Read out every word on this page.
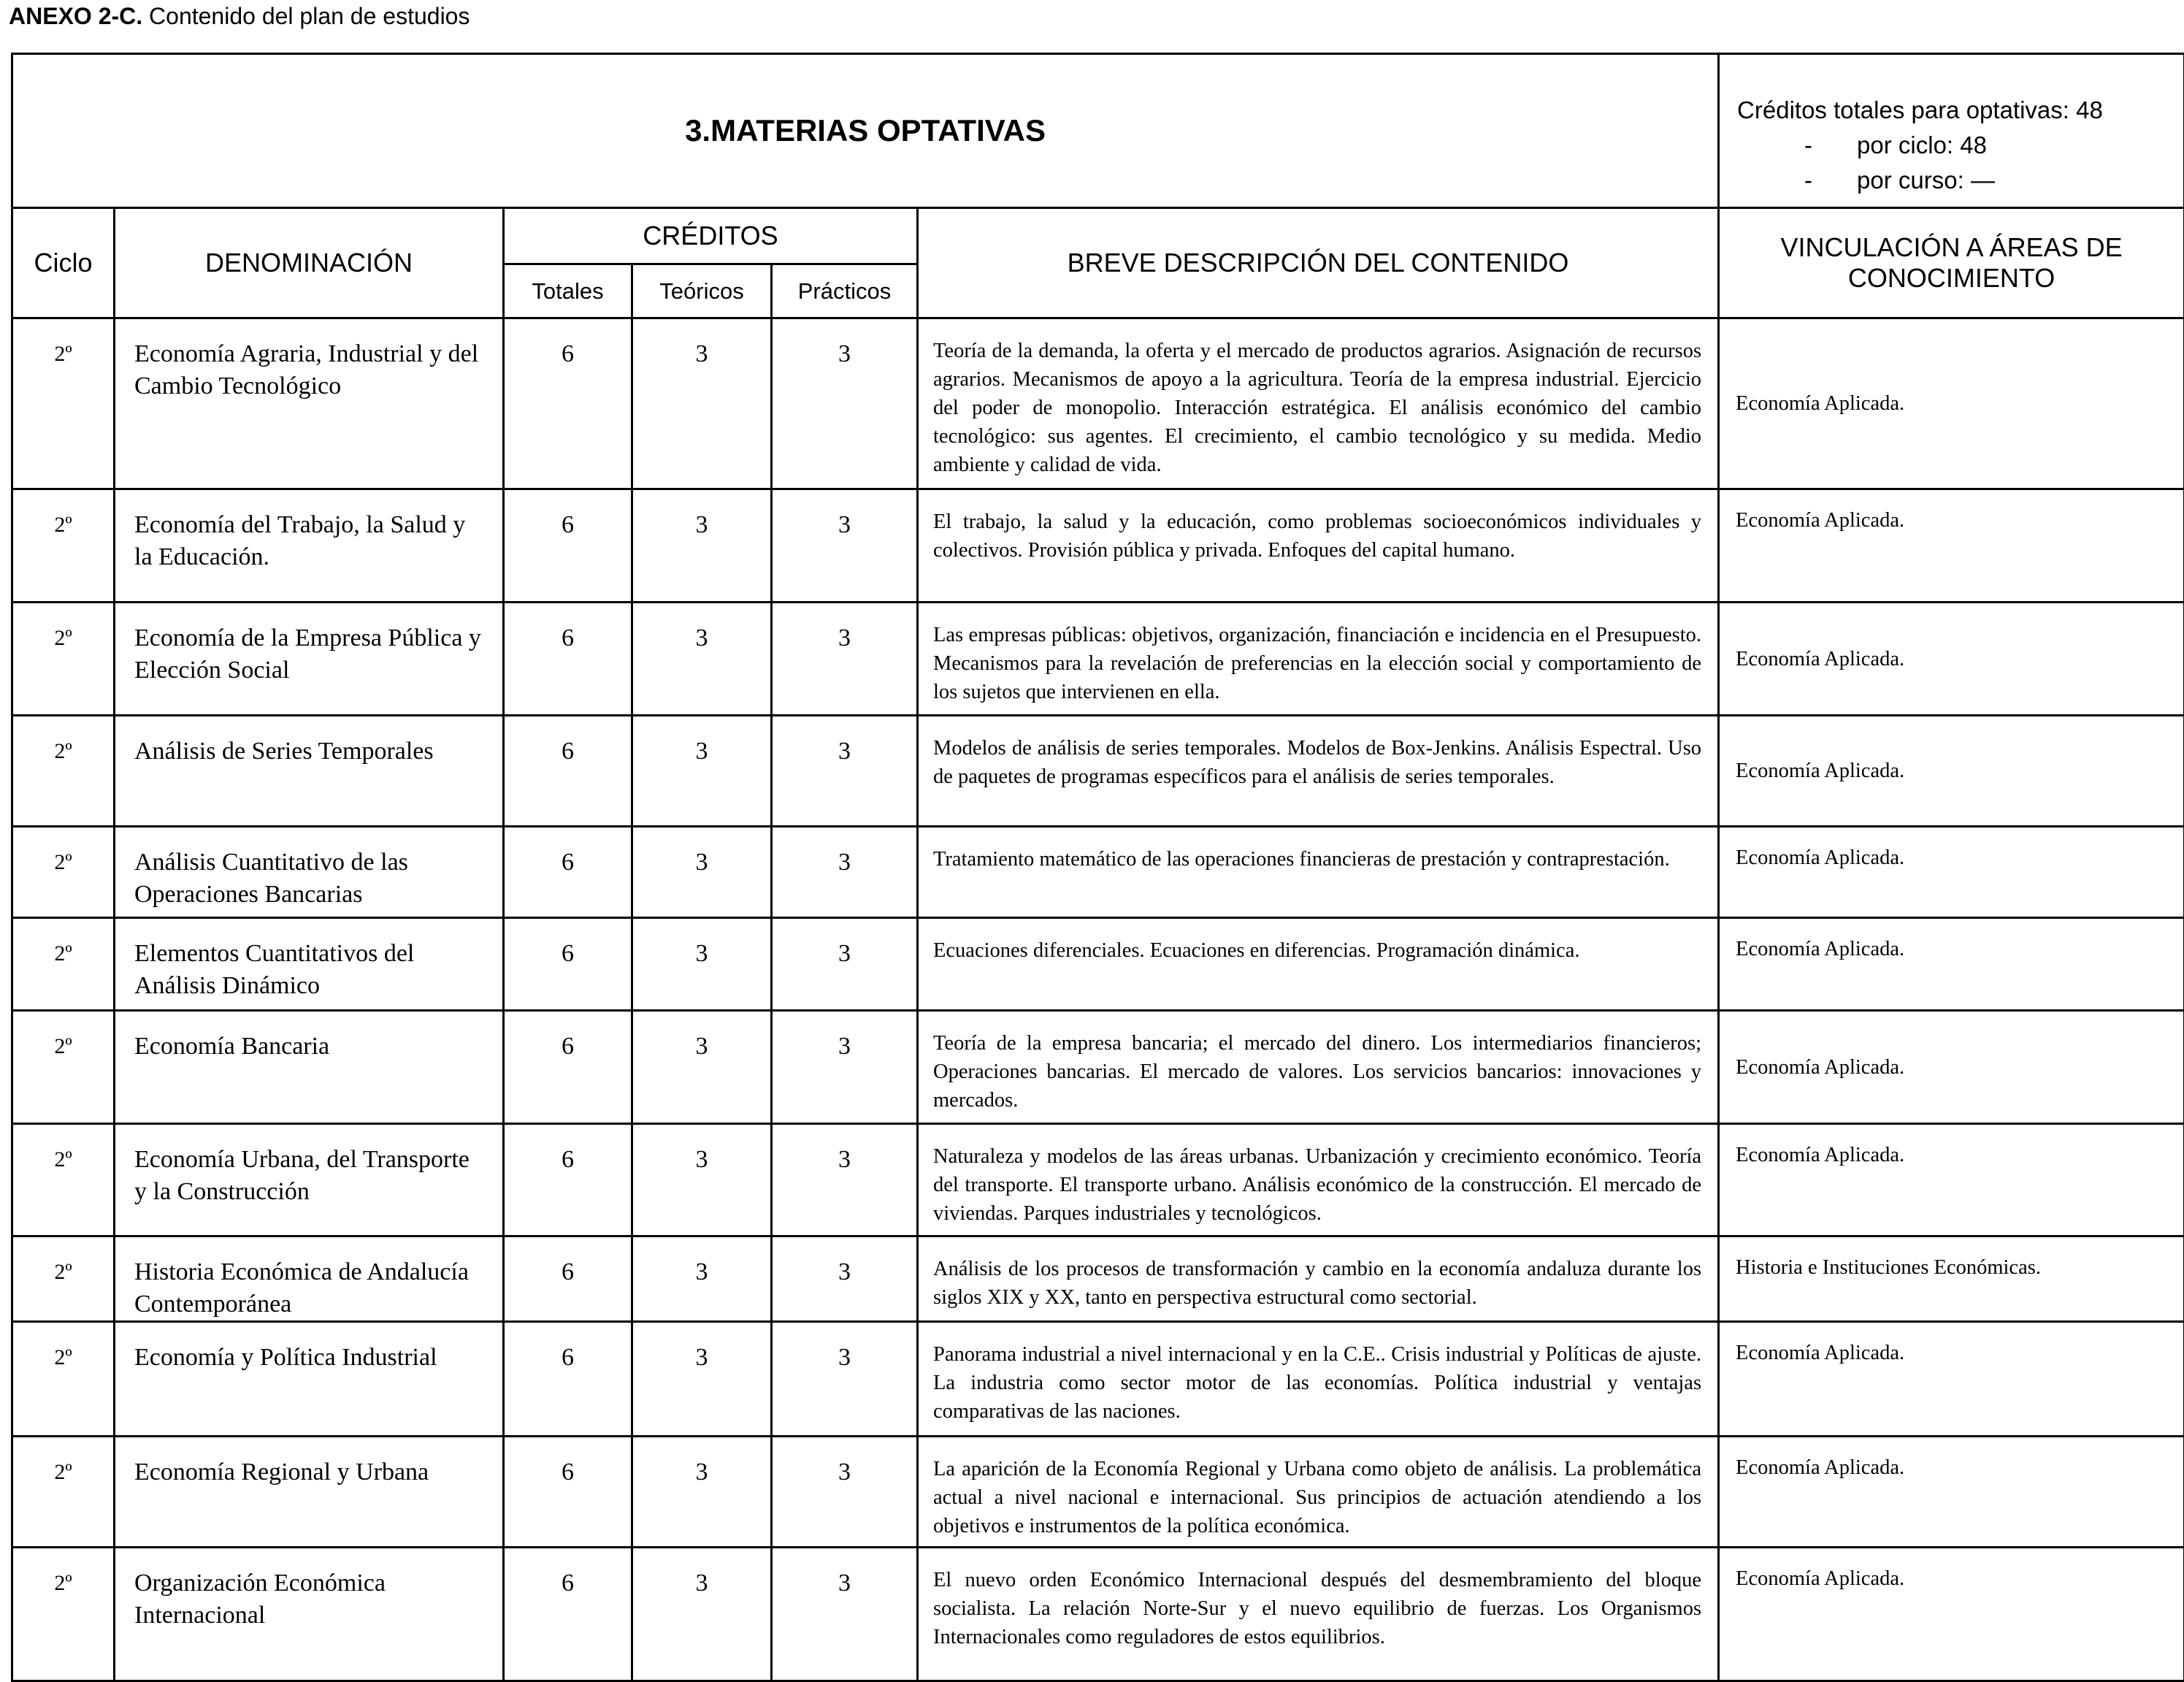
ANEXO 2-C. Contenido del plan de estudios
3.MATERIAS OPTATIVAS						Créditos totales para optativas: 48
- por ciclo: 48
- por curso: —

Ciclo	DENOMINACIÓN	CRÉDITOS			BREVE DESCRIPCIÓN DEL CONTENIDO	VINCULACIÓN A ÁREAS DE CONOCIMIENTO
		Totales	Teóricos	Prácticos		
2º	Economía Agraria, Industrial y del Cambio Tecnológico	6	3	3	Teoría de la demanda, la oferta y el mercado de productos agrarios. Asignación de recursos agrarios. Mecanismos de apoyo a la agricultura. Teoría de la empresa industrial. Ejercicio del poder de monopolio. Interacción estratégica. El análisis económico del cambio tecnológico: sus agentes. El crecimiento, el cambio tecnológico y su medida. Medio ambiente y calidad de vida.	Economía Aplicada.
2º	Economía del Trabajo, la Salud y la Educación.	6	3	3	El trabajo, la salud y la educación, como problemas socioeconómicos individuales y colectivos. Provisión pública y privada. Enfoques del capital humano.	Economía Aplicada.
2º	Economía de la Empresa Pública y Elección Social	6	3	3	Las empresas públicas: objetivos, organización, financiación e incidencia en el Presupuesto. Mecanismos para la revelación de preferencias en la elección social y comportamiento de los sujetos que intervienen en ella.	Economía Aplicada.
2º	Análisis de Series Temporales	6	3	3	Modelos de análisis de series temporales. Modelos de Box-Jenkins. Análisis Espectral. Uso de paquetes de programas específicos para el análisis de series temporales.	Economía Aplicada.
2º	Análisis Cuantitativo de las Operaciones Bancarias	6	3	3	Tratamiento matemático de las operaciones financieras de prestación y contraprestación.	Economía Aplicada.
2º	Elementos Cuantitativos del Análisis Dinámico	6	3	3	Ecuaciones diferenciales. Ecuaciones en diferencias. Programación dinámica.	Economía Aplicada.
2º	Economía Bancaria	6	3	3	Teoría de la empresa bancaria; el mercado del dinero. Los intermediarios financieros; Operaciones bancarias. El mercado de valores. Los servicios bancarios: innovaciones y mercados.	Economía Aplicada.
2º	Economía Urbana, del Transporte y la Construcción	6	3	3	Naturaleza y modelos de las áreas urbanas. Urbanización y crecimiento económico. Teoría del transporte. El transporte urbano. Análisis económico de la construcción. El mercado de viviendas. Parques industriales y tecnológicos.	Economía Aplicada.
2º	Historia Económica de Andalucía Contemporánea	6	3	3	Análisis de los procesos de transformación y cambio en la economía andaluza durante los siglos XIX y XX, tanto en perspectiva estructural como sectorial.	Historia e Instituciones Económicas.
2º	Economía y Política Industrial	6	3	3	Panorama industrial a nivel internacional y en la C.E.. Crisis industrial y Políticas de ajuste. La industria como sector motor de las economías. Política industrial y ventajas comparativas de las naciones.	Economía Aplicada.
2º	Economía Regional y Urbana	6	3	3	La aparición de la Economía Regional y Urbana como objeto de análisis. La problemática actual a nivel nacional e internacional. Sus principios de actuación atendiendo a los objetivos e instrumentos de la política económica.	Economía Aplicada.
2º	Organización Económica Internacional	6	3	3	El nuevo orden Económico Internacional después del desmembramiento del bloque socialista. La relación Norte-Sur y el nuevo equilibrio de fuerzas. Los Organismos Internacionales como reguladores de estos equilibrios.	Economía Aplicada.
